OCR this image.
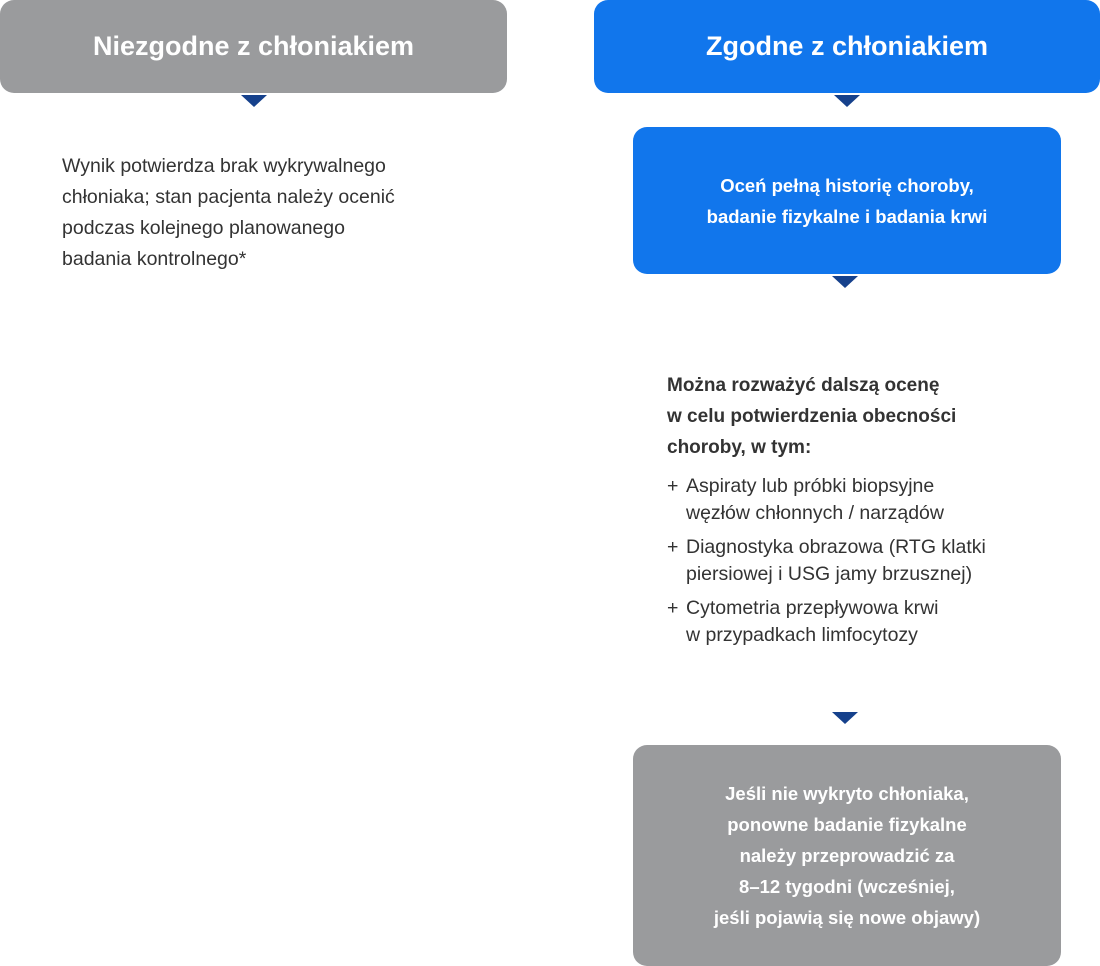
Niezgodne z chłoniakiem
Wynik potwierdza brak wykrywalnego
chłoniaka; stan pacjenta należy ocenić
podczas kolejnego planowanego
badania kontrolnego*
Zgodne z chłoniakiem
Oceń pełną historię choroby,
badanie fizykalne i badania krwi
Można rozważyć dalszą ocenę
w celu potwierdzenia obecności
choroby, w tym:
+ Aspiraty lub próbki biopsyjne
węzłów chłonnych / narządów
+ Diagnostyka obrazowa (RTG klatki
piersiowej i USG jamy brzusznej)
+ Cytometria przepływowa krwi
w przypadkach limfocytozy
Jeśli nie wykryto chłoniaka,
ponowne badanie fizykalne
należy przeprowadzić za
8–12 tygodni (wcześniej,
jeśli pojawią się nowe objawy)
